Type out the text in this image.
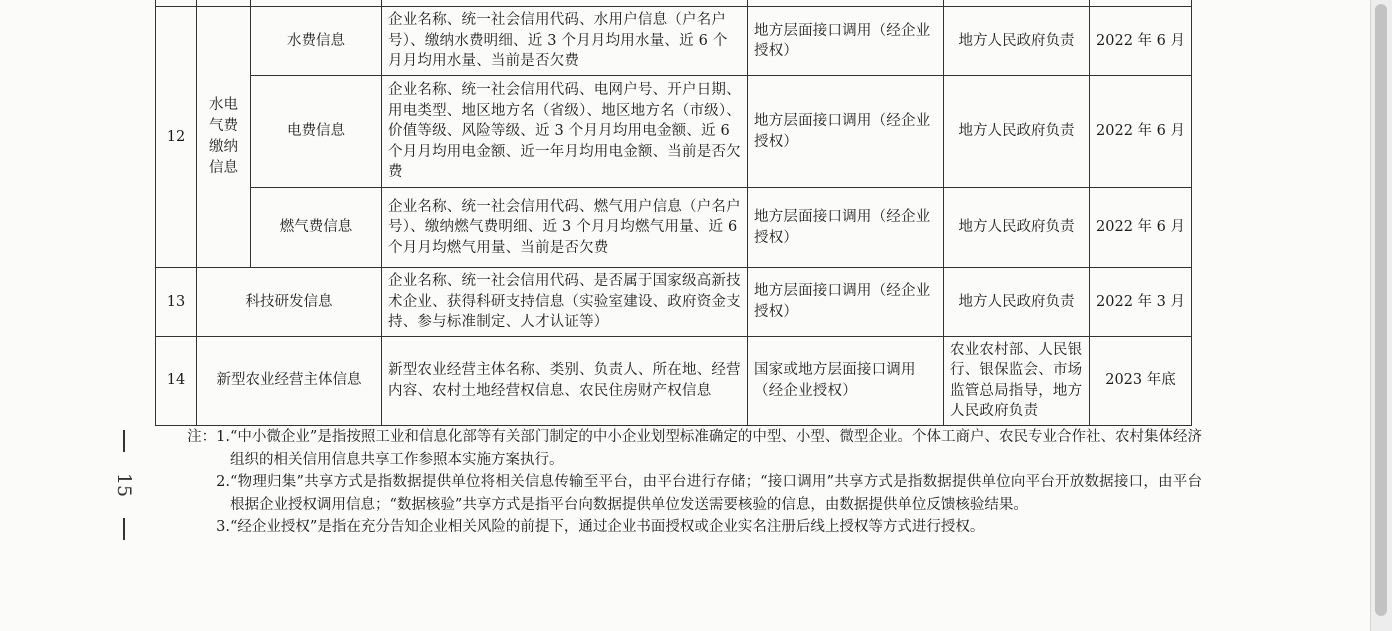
12	水电气费缴纳信息	水费信息	企业名称、统一社会信用代码、水用户信息（户名户号）、缴纳水费明细、近 3 个月月均用水量、近 6 个月月均用水量、当前是否欠费	地方层面接口调用（经企业授权）	地方人民政府负责	2022 年 6 月
		电费信息	企业名称、统一社会信用代码、电网户号、开户日期、用电类型、地区地方名（省级）、地区地方名（市级）、价值等级、风险等级、近 3 个月月均用电金额、近 6 个月月均用电金额、近一年月均用电金额、当前是否欠费	地方层面接口调用（经企业授权）	地方人民政府负责	2022 年 6 月
		燃气费信息	企业名称、统一社会信用代码、燃气用户信息（户名户号）、缴纳燃气费明细、近 3 个月月均燃气用量、近 6 个月月均燃气用量、当前是否欠费	地方层面接口调用（经企业授权）	地方人民政府负责	2022 年 6 月
13	科技研发信息		企业名称、统一社会信用代码、是否属于国家级高新技术企业、获得科研支持信息（实验室建设、政府资金支持、参与标准制定、人才认证等）	地方层面接口调用（经企业授权）	地方人民政府负责	2022 年 3 月
14	新型农业经营主体信息		新型农业经营主体名称、类别、负责人、所在地、经营内容、农村土地经营权信息、农民住房财产权信息	国家或地方层面接口调用（经企业授权）	农业农村部、人民银行、银保监会、市场监管总局指导，地方人民政府负责	2023 年底
15
注：1. “中小微企业”是指按照工业和信息化部等有关部门制定的中小企业划型标准确定的中型、小型、微型企业。个体工商户、农民专业合作社、农村集体经济组织的相关信用信息共享工作参照本实施方案执行。
2. “物理归集”共享方式是指数据提供单位将相关信息传输至平台，由平台进行存储；“接口调用”共享方式是指数据提供单位向平台开放数据接口，由平台根据企业授权调用信息；“数据核验”共享方式是指平台向数据提供单位发送需要核验的信息，由数据提供单位反馈核验结果。
3. “经企业授权”是指在充分告知企业相关风险的前提下，通过企业书面授权或企业实名注册后线上授权等方式进行授权。
